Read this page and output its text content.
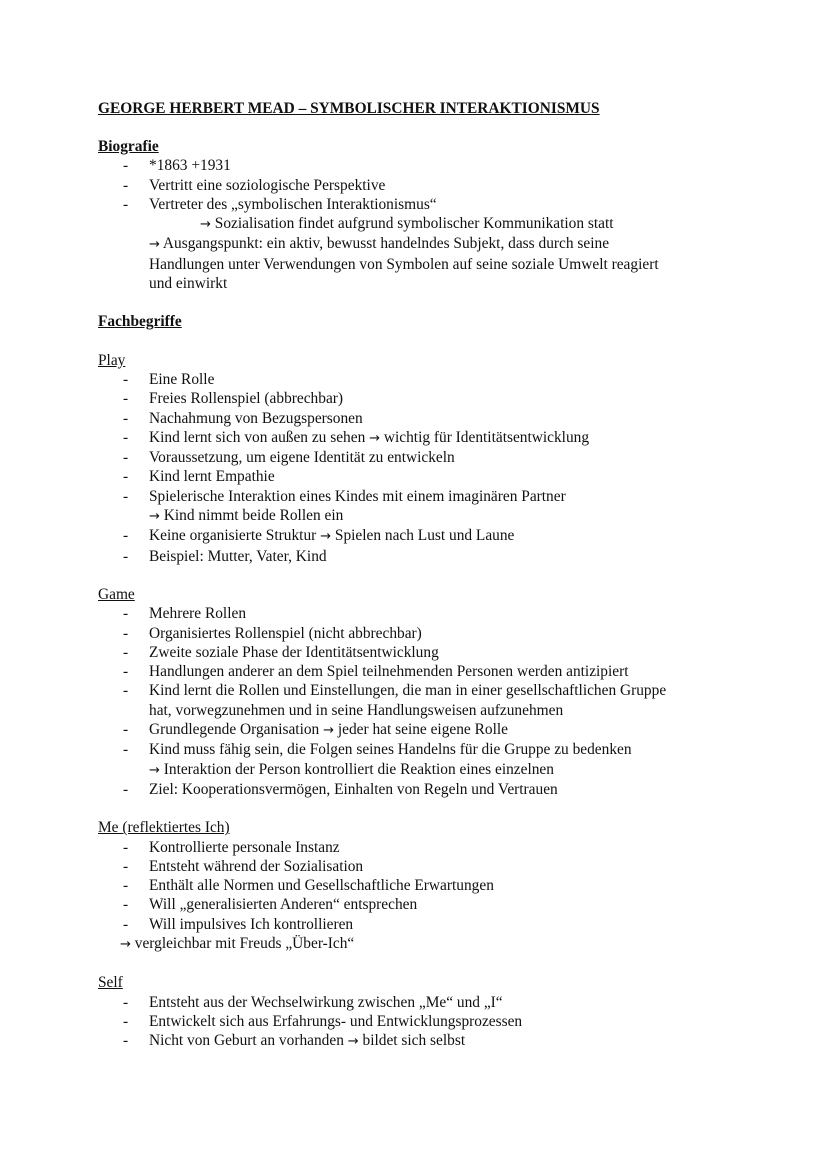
GEORGE HERBERT MEAD – SYMBOLISCHER INTERAKTIONISMUS

Biografie

- *1863 +1931
- Vertritt eine soziologische Perspektive
- Vertreter des „symbolischen Interaktionismus“
→ Sozialisation findet aufgrund symbolischer Kommunikation statt
→ Ausgangspunkt: ein aktiv, bewusst handelndes Subjekt, dass durch seine
Handlungen unter Verwendungen von Symbolen auf seine soziale Umwelt reagiert
und einwirkt

Fachbegriffe

Play

- Eine Rolle
- Freies Rollenspiel (abbrechbar)
- Nachahmung von Bezugspersonen
- Kind lernt sich von außen zu sehen → wichtig für Identitätsentwicklung
- Voraussetzung, um eigene Identität zu entwickeln
- Kind lernt Empathie
- Spielerische Interaktion eines Kindes mit einem imaginären Partner
→ Kind nimmt beide Rollen ein
- Keine organisierte Struktur → Spielen nach Lust und Laune
- Beispiel: Mutter, Vater, Kind

Game

- Mehrere Rollen
- Organisiertes Rollenspiel (nicht abbrechbar)
- Zweite soziale Phase der Identitätsentwicklung
- Handlungen anderer an dem Spiel teilnehmenden Personen werden antizipiert
- Kind lernt die Rollen und Einstellungen, die man in einer gesellschaftlichen Gruppe
hat, vorwegzunehmen und in seine Handlungsweisen aufzunehmen
- Grundlegende Organisation → jeder hat seine eigene Rolle
- Kind muss fähig sein, die Folgen seines Handelns für die Gruppe zu bedenken
→ Interaktion der Person kontrolliert die Reaktion eines einzelnen
- Ziel: Kooperationsvermögen, Einhalten von Regeln und Vertrauen

Me (reflektiertes Ich)

- Kontrollierte personale Instanz
- Entsteht während der Sozialisation
- Enthält alle Normen und Gesellschaftliche Erwartungen
- Will „generalisierten Anderen“ entsprechen
- Will impulsives Ich kontrollieren
→ vergleichbar mit Freuds „Über-Ich“

Self

- Entsteht aus der Wechselwirkung zwischen „Me“ und „I“
- Entwickelt sich aus Erfahrungs- und Entwicklungsprozessen
- Nicht von Geburt an vorhanden → bildet sich selbst
